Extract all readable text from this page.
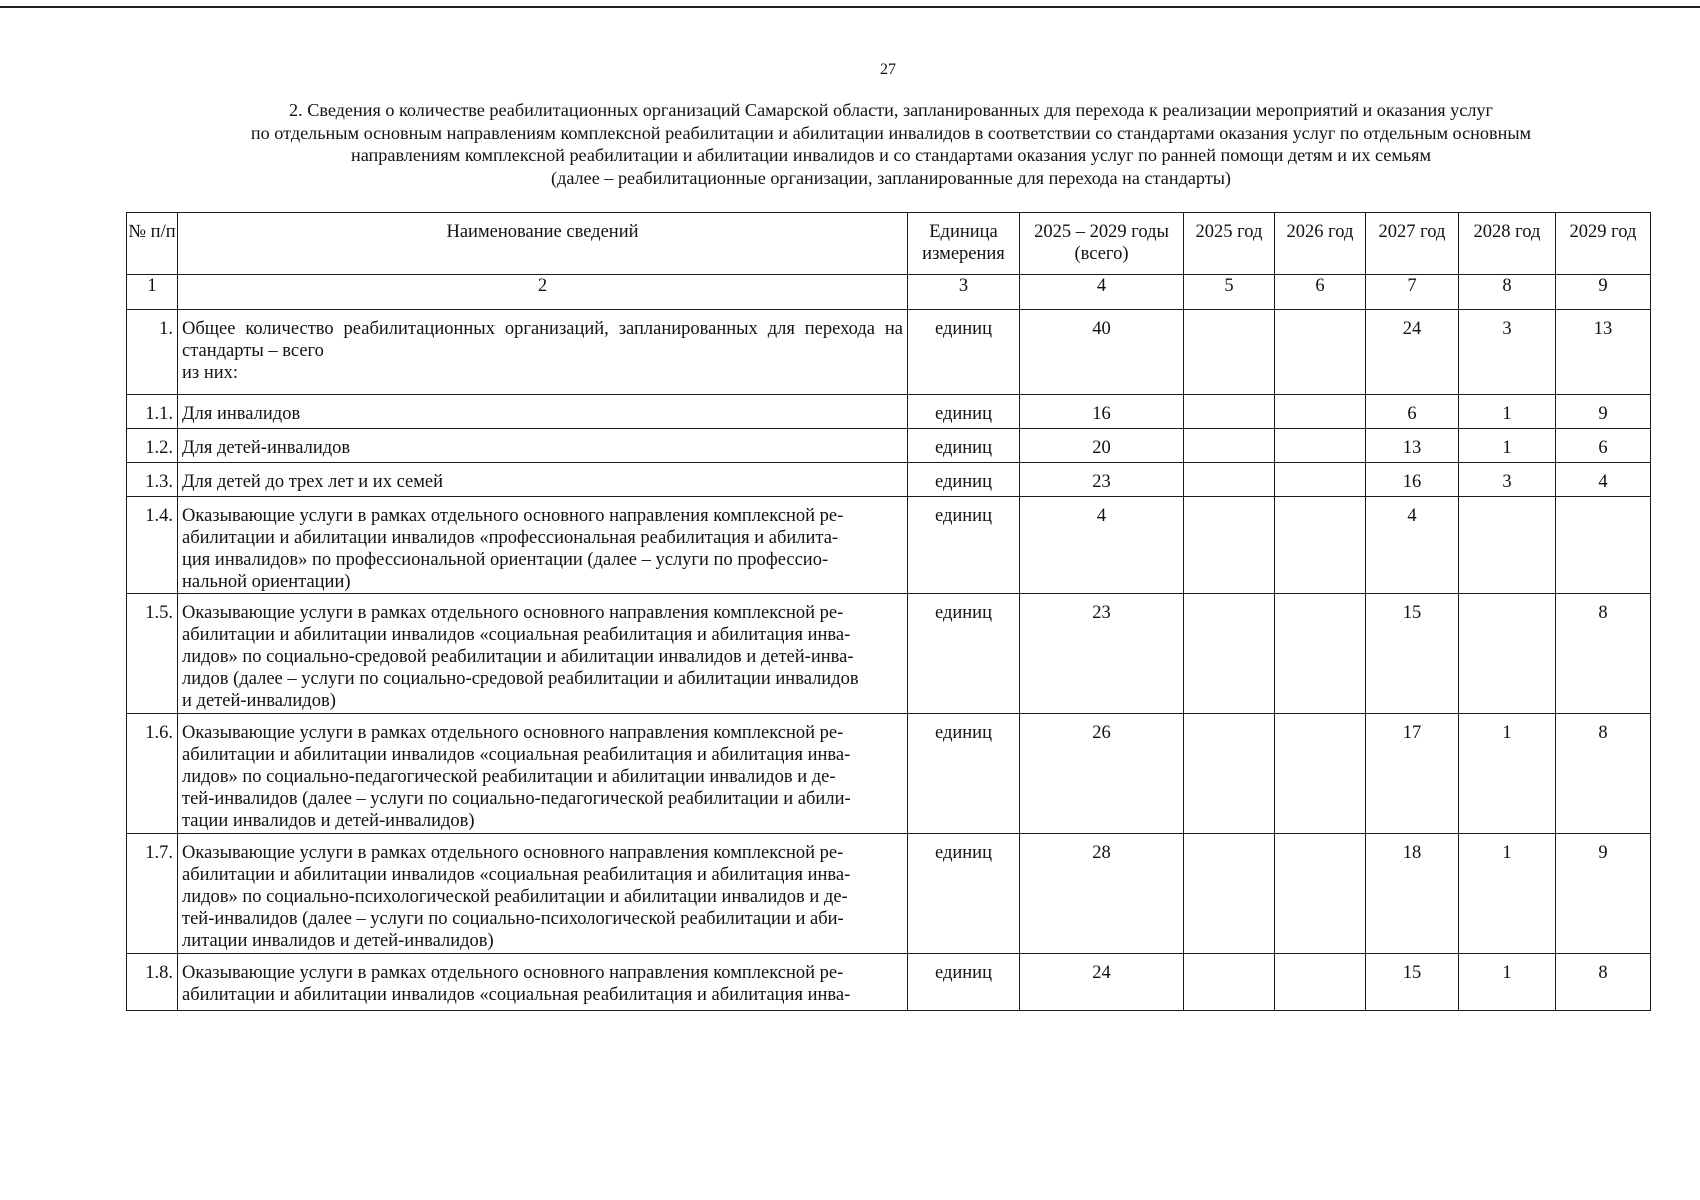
27
2. Сведения о количестве реабилитационных организаций Самарской области, запланированных для перехода к реализации мероприятий и оказания услуг
по отдельным основным направлениям комплексной реабилитации и абилитации инвалидов в соответствии со стандартами оказания услуг по отдельным основным
направлениям комплексной реабилитации и абилитации инвалидов и со стандартами оказания услуг по ранней помощи детям и их семьям
(далее – реабилитационные организации, запланированные для перехода на стандарты)
№ п/п	Наименование сведений	Единица измерения	2025 – 2029 годы (всего)	2025 год	2026 год	2027 год	2028 год	2029 год
1	2	3	4	5	6	7	8	9
1.	Общее количество реабилитационных организаций, запланированных для перехода на стандарты – всего
из них:	единиц	40			24	3	13
1.1.	Для инвалидов	единиц	16			6	1	9
1.2.	Для детей-инвалидов	единиц	20			13	1	6
1.3.	Для детей до трех лет и их семей	единиц	23			16	3	4
1.4.	Оказывающие услуги в рамках отдельного основного направления комплексной ре-
абилитации и абилитации инвалидов «профессиональная реабилитация и абилита-
ция инвалидов» по профессиональной ориентации (далее – услуги по профессио-
нальной ориентации)	единиц	4			4		
1.5.	Оказывающие услуги в рамках отдельного основного направления комплексной ре-
абилитации и абилитации инвалидов «социальная реабилитация и абилитация инва-
лидов» по социально-средовой реабилитации и абилитации инвалидов и детей-инва-
лидов (далее – услуги по социально-средовой реабилитации и абилитации инвалидов
и детей-инвалидов)	единиц	23			15		8
1.6.	Оказывающие услуги в рамках отдельного основного направления комплексной ре-
абилитации и абилитации инвалидов «социальная реабилитация и абилитация инва-
лидов» по социально-педагогической реабилитации и абилитации инвалидов и де-
тей-инвалидов (далее – услуги по социально-педагогической реабилитации и абили-
тации инвалидов и детей-инвалидов)	единиц	26			17	1	8
1.7.	Оказывающие услуги в рамках отдельного основного направления комплексной ре-
абилитации и абилитации инвалидов «социальная реабилитация и абилитация инва-
лидов» по социально-психологической реабилитации и абилитации инвалидов и де-
тей-инвалидов (далее – услуги по социально-психологической реабилитации и аби-
литации инвалидов и детей-инвалидов)	единиц	28			18	1	9
1.8.	Оказывающие услуги в рамках отдельного основного направления комплексной ре-
абилитации и абилитации инвалидов «социальная реабилитация и абилитация инва-	единиц	24			15	1	8
